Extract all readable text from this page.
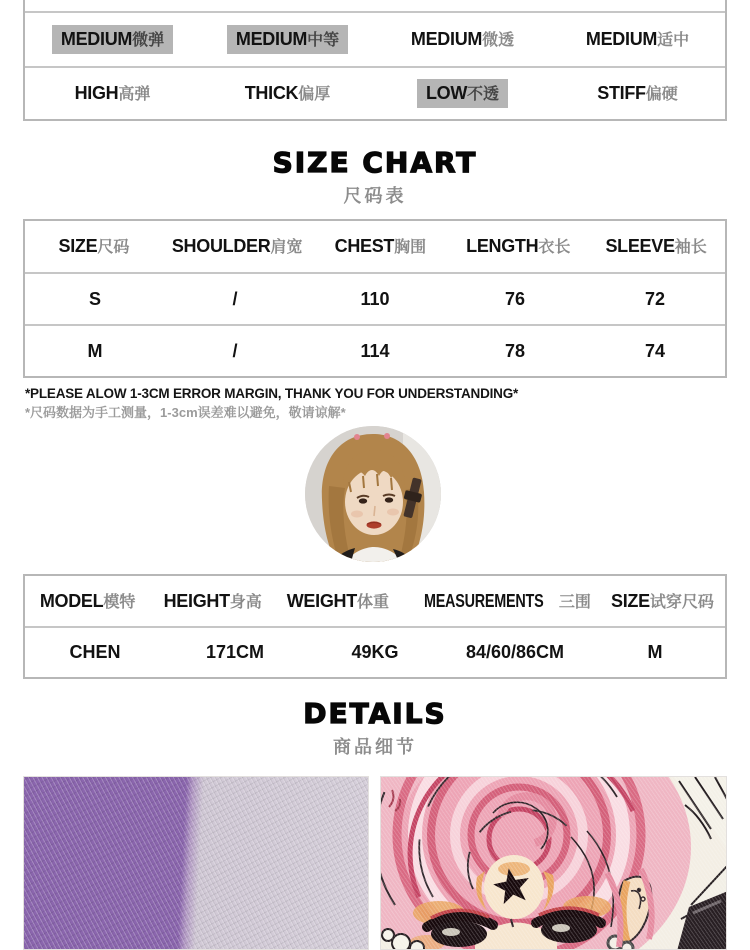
MEDIUM微弹	MEDIUM中等	MEDIUM微透	MEDIUM适中
HIGH高弹	THICK偏厚	LOW不透	STIFF偏硬
SIZE CHART
尺码表
SIZE尺码	SHOULDER肩宽	CHEST胸围	LENGTH衣长	SLEEVE袖长
S	/	110	76	72
M	/	114	78	74
*PLEASE ALOW 1-3CM ERROR MARGIN, THANK YOU FOR UNDERSTANDING*
*尺码数据为手工测量，1-3cm误差难以避免，敬请谅解*
MODEL模特	HEIGHT身高	WEIGHT体重	MEASUREMENTS 三围	SIZE试穿尺码
CHEN	171CM	49KG	84/60/86CM	M
DETAILS
商品细节
